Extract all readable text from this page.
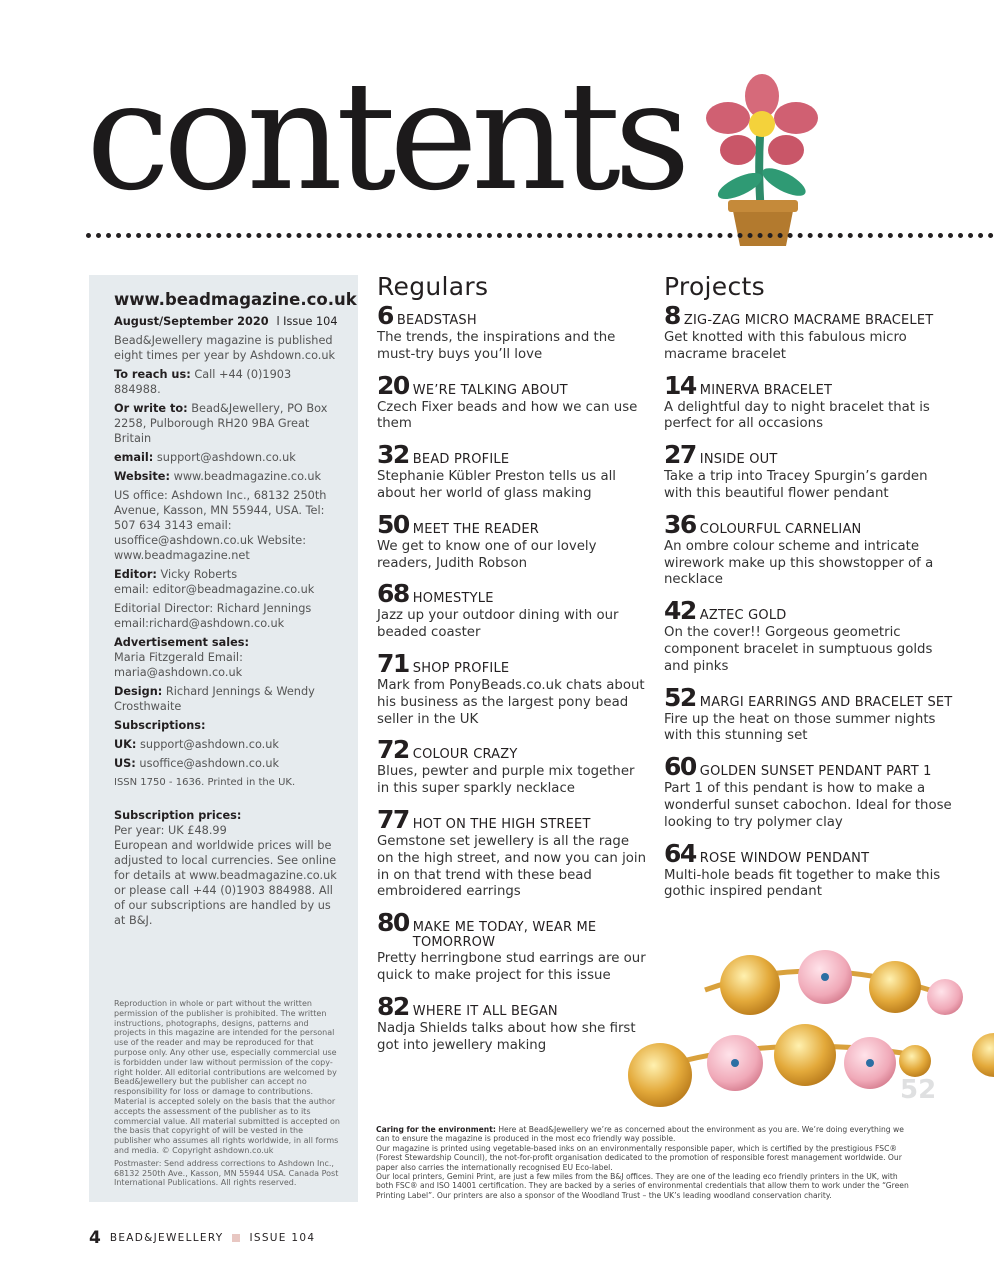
contents

www.beadmagazine.co.uk

August/September 2020 l Issue 104

Bead&Jewellery magazine is published eight times per year by Ashdown.co.uk

To reach us: Call +44 (0)1903 884988.

Or write to: Bead&Jewellery, PO Box 2258, Pulborough RH20 9BA Great Britain

email: support@ashdown.co.uk

Website: www.beadmagazine.co.uk

US office: Ashdown Inc., 68132 250th Avenue, Kasson, MN 55944, USA. Tel: 507 634 3143 email: usoffice@ashdown.co.uk Website: www.beadmagazine.net

Editor: Vicky Roberts
email: editor@beadmagazine.co.uk

Editorial Director: Richard Jennings email:richard@ashdown.co.uk

Advertisement sales:
Maria Fitzgerald Email: maria@ashdown.co.uk

Design: Richard Jennings & Wendy Crosthwaite

Subscriptions:

UK: support@ashdown.co.uk

US: usoffice@ashdown.co.uk

ISSN 1750 - 1636. Printed in the UK.

Subscription prices:
Per year: UK £48.99
European and worldwide prices will be adjusted to local currencies. See online for details at www.beadmagazine.co.uk or please call +44 (0)1903 884988. All of our subscriptions are handled by us at B&J.

Reproduction in whole or part without the written permission of the publisher is prohibited. The written instructions, photographs, designs, patterns and projects in this magazine are intended for the personal use of the reader and may be reproduced for that purpose only. Any other use, especially commercial use is forbidden under law without permission of the copy-right holder. All editorial contributions are welcomed by Bead&Jewellery but the publisher can accept no responsibility for loss or damage to contributions. Material is accepted solely on the basis that the author accepts the assessment of the publisher as to its commercial value. All material submitted is accepted on the basis that copyright of will be vested in the publisher who assumes all rights worldwide, in all forms and media. © Copyright ashdown.co.uk

Postmaster: Send address corrections to Ashdown Inc., 68132 250th Ave., Kasson, MN 55944 USA. Canada Post International Publications. All rights reserved.

Regulars
6 BEADSTASH
The trends, the inspirations and the must-try buys you’ll love
20 WE’RE TALKING ABOUT
Czech Fixer beads and how we can use them
32 BEAD PROFILE
Stephanie Kübler Preston tells us all about her world of glass making
50 MEET THE READER
We get to know one of our lovely readers, Judith Robson
68 HOMESTYLE
Jazz up your outdoor dining with our beaded coaster
71 SHOP PROFILE
Mark from PonyBeads.co.uk chats about his business as the largest pony bead seller in the UK
72 COLOUR CRAZY
Blues, pewter and purple mix together in this super sparkly necklace
77 HOT ON THE HIGH STREET
Gemstone set jewellery is all the rage on the high street, and now you can join in on that trend with these bead embroidered earrings
80 MAKE ME TODAY, WEAR ME TOMORROW
Pretty herringbone stud earrings are our quick to make project for this issue
82 WHERE IT ALL BEGAN
Nadja Shields talks about how she first got into jewellery making
Projects
8 ZIG-ZAG MICRO MACRAME BRACELET
Get knotted with this fabulous micro macrame bracelet
14 MINERVA BRACELET
A delightful day to night bracelet that is perfect for all occasions
27 INSIDE OUT
Take a trip into Tracey Spurgin’s garden with this beautiful flower pendant
36 COLOURFUL CARNELIAN
An ombre colour scheme and intricate wirework make up this showstopper of a necklace
42 AZTEC GOLD
On the cover!! Gorgeous geometric component bracelet in sumptuous golds and pinks
52 MARGI EARRINGS AND BRACELET SET
Fire up the heat on those summer nights with this stunning set
60 GOLDEN SUNSET PENDANT PART 1
Part 1 of this pendant is how to make a wonderful sunset cabochon. Ideal for those looking to try polymer clay
64 ROSE WINDOW PENDANT
Multi-hole beads fit together to make this gothic inspired pendant
52
Caring for the environment: Here at Bead&Jewellery we’re as concerned about the environment as you are. We’re doing everything we can to ensure the magazine is produced in the most eco friendly way possible.
Our magazine is printed using vegetable-based inks on an environmentally responsible paper, which is certified by the prestigious FSC® (Forest Stewardship Council), the not-for-profit organisation dedicated to the promotion of responsible forest management worldwide. Our paper also carries the internationally recognised EU Eco-label.
Our local printers, Gemini Print, are just a few miles from the B&J offices. They are one of the leading eco friendly printers in the UK, with both FSC® and ISO 14001 certification. They are backed by a series of environmental credentials that allow them to work under the “Green Printing Label”. Our printers are also a sponsor of the Woodland Trust – the UK’s leading woodland conservation charity.
4 BEAD&JEWELLERY ISSUE 104
